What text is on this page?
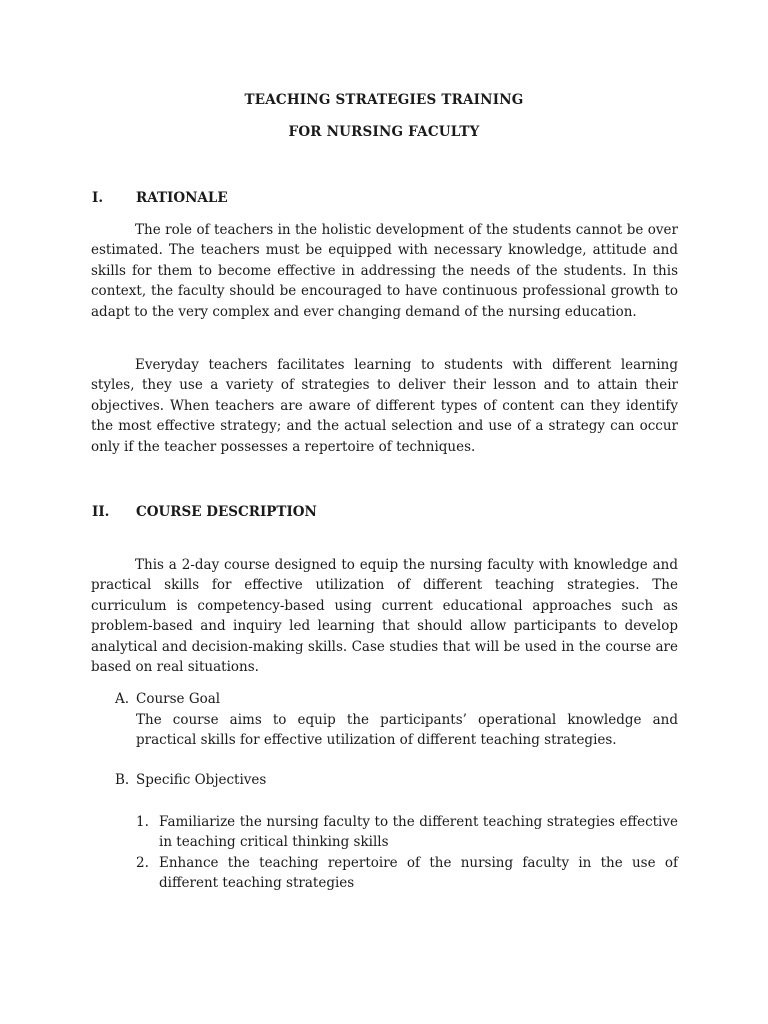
TEACHING STRATEGIES TRAINING
FOR NURSING FACULTY
I. RATIONALE

The role of teachers in the holistic development of the students cannot be over estimated. The teachers must be equipped with necessary knowledge, attitude and skills for them to become effective in addressing the needs of the students. In this context, the faculty should be encouraged to have continuous professional growth to adapt to the very complex and ever changing demand of the nursing education.

Everyday teachers facilitates learning to students with different learning styles, they use a variety of strategies to deliver their lesson and to attain their objectives. When teachers are aware of different types of content can they identify the most effective strategy; and the actual selection and use of a strategy can occur only if the teacher possesses a repertoire of techniques.

II. COURSE DESCRIPTION

This a 2-day course designed to equip the nursing faculty with knowledge and practical skills for effective utilization of different teaching strategies. The curriculum is competency-based using current educational approaches such as problem-based and inquiry led learning that should allow participants to develop analytical and decision-making skills. Case studies that will be used in the course are based on real situations.

A. Course Goal

The course aims to equip the participants’ operational knowledge and practical skills for effective utilization of different teaching strategies.

B. Specific Objectives
1. Familiarize the nursing faculty to the different teaching strategies effective in teaching critical thinking skills
2. Enhance the teaching repertoire of the nursing faculty in the use of different teaching strategies
